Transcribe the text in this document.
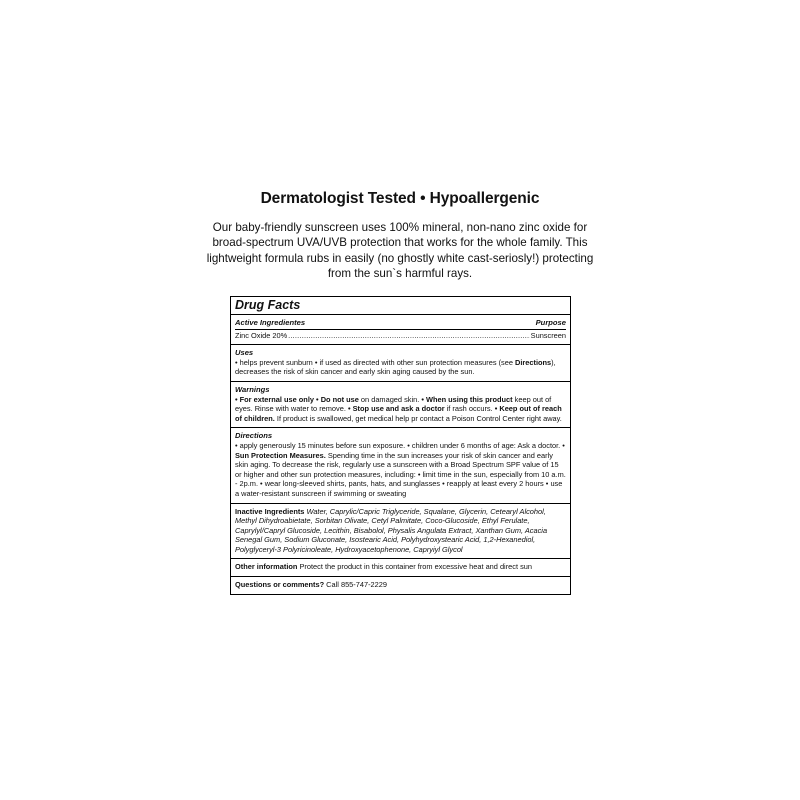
Dermatologist Tested • Hypoallergenic

Our baby-friendly sunscreen uses 100% mineral, non-nano zinc oxide for broad-spectrum UVA/UVB protection that works for the whole family. This lightweight formula rubs in easily (no ghostly white cast-seriosly!) protecting from the sun`s harmful rays.

Drug Facts
Active Ingredientes	Purpose
Zinc Oxide 20%
.....	Sunscreen
Uses
• helps prevent sunburn • if used as directed with other sun protection measures (see Directions), decreases the risk of skin cancer and early skin aging caused by the sun.
Warnings
• For external use only • Do not use on damaged skin. • When using this product keep out of eyes. Rinse with water to remove. • Stop use and ask a doctor if rash occurs. • Keep out of reach of children. If product is swallowed, get medical help pr contact a Poison Control Center right away.
Directions
• apply generously 15 minutes before sun exposure. • children under 6 months of age: Ask a doctor. • Sun Protection Measures. Spending time in the sun increases your risk of skin cancer and early skin aging. To decrease the risk, regularly use a sunscreen with a Broad Spectrum SPF value of 15 or higher and other sun protection measures, including: • limit time in the sun, especially from 10 a.m. - 2p.m. • wear long-sleeved shirts, pants, hats, and sunglasses • reapply at least every 2 hours • use a water-resistant sunscreen if swimming or sweating
Inactive Ingredients Water, Caprylic/Capric Triglyceride, Squalane, Glycerin, Cetearyl Alcohol, Methyl Dihydroabietate, Sorbitan Olivate, Cetyl Palmitate, Coco-Glucoside, Ethyl Ferulate, Caprylyl/Capryl Glucoside, Lecithin, Bisabolol, Physalis Angulata Extract, Xanthan Gum, Acacia Senegal Gum, Sodium Gluconate, Isostearic Acid, Polyhydroxystearic Acid, 1,2-Hexanediol, Polyglyceryl-3 Polyricinoleate, Hydroxyacetophenone, Capryiyl Glycol
Other information Protect the product in this container from excessive heat and direct sun
Questions or comments? Call 855-747-2229
